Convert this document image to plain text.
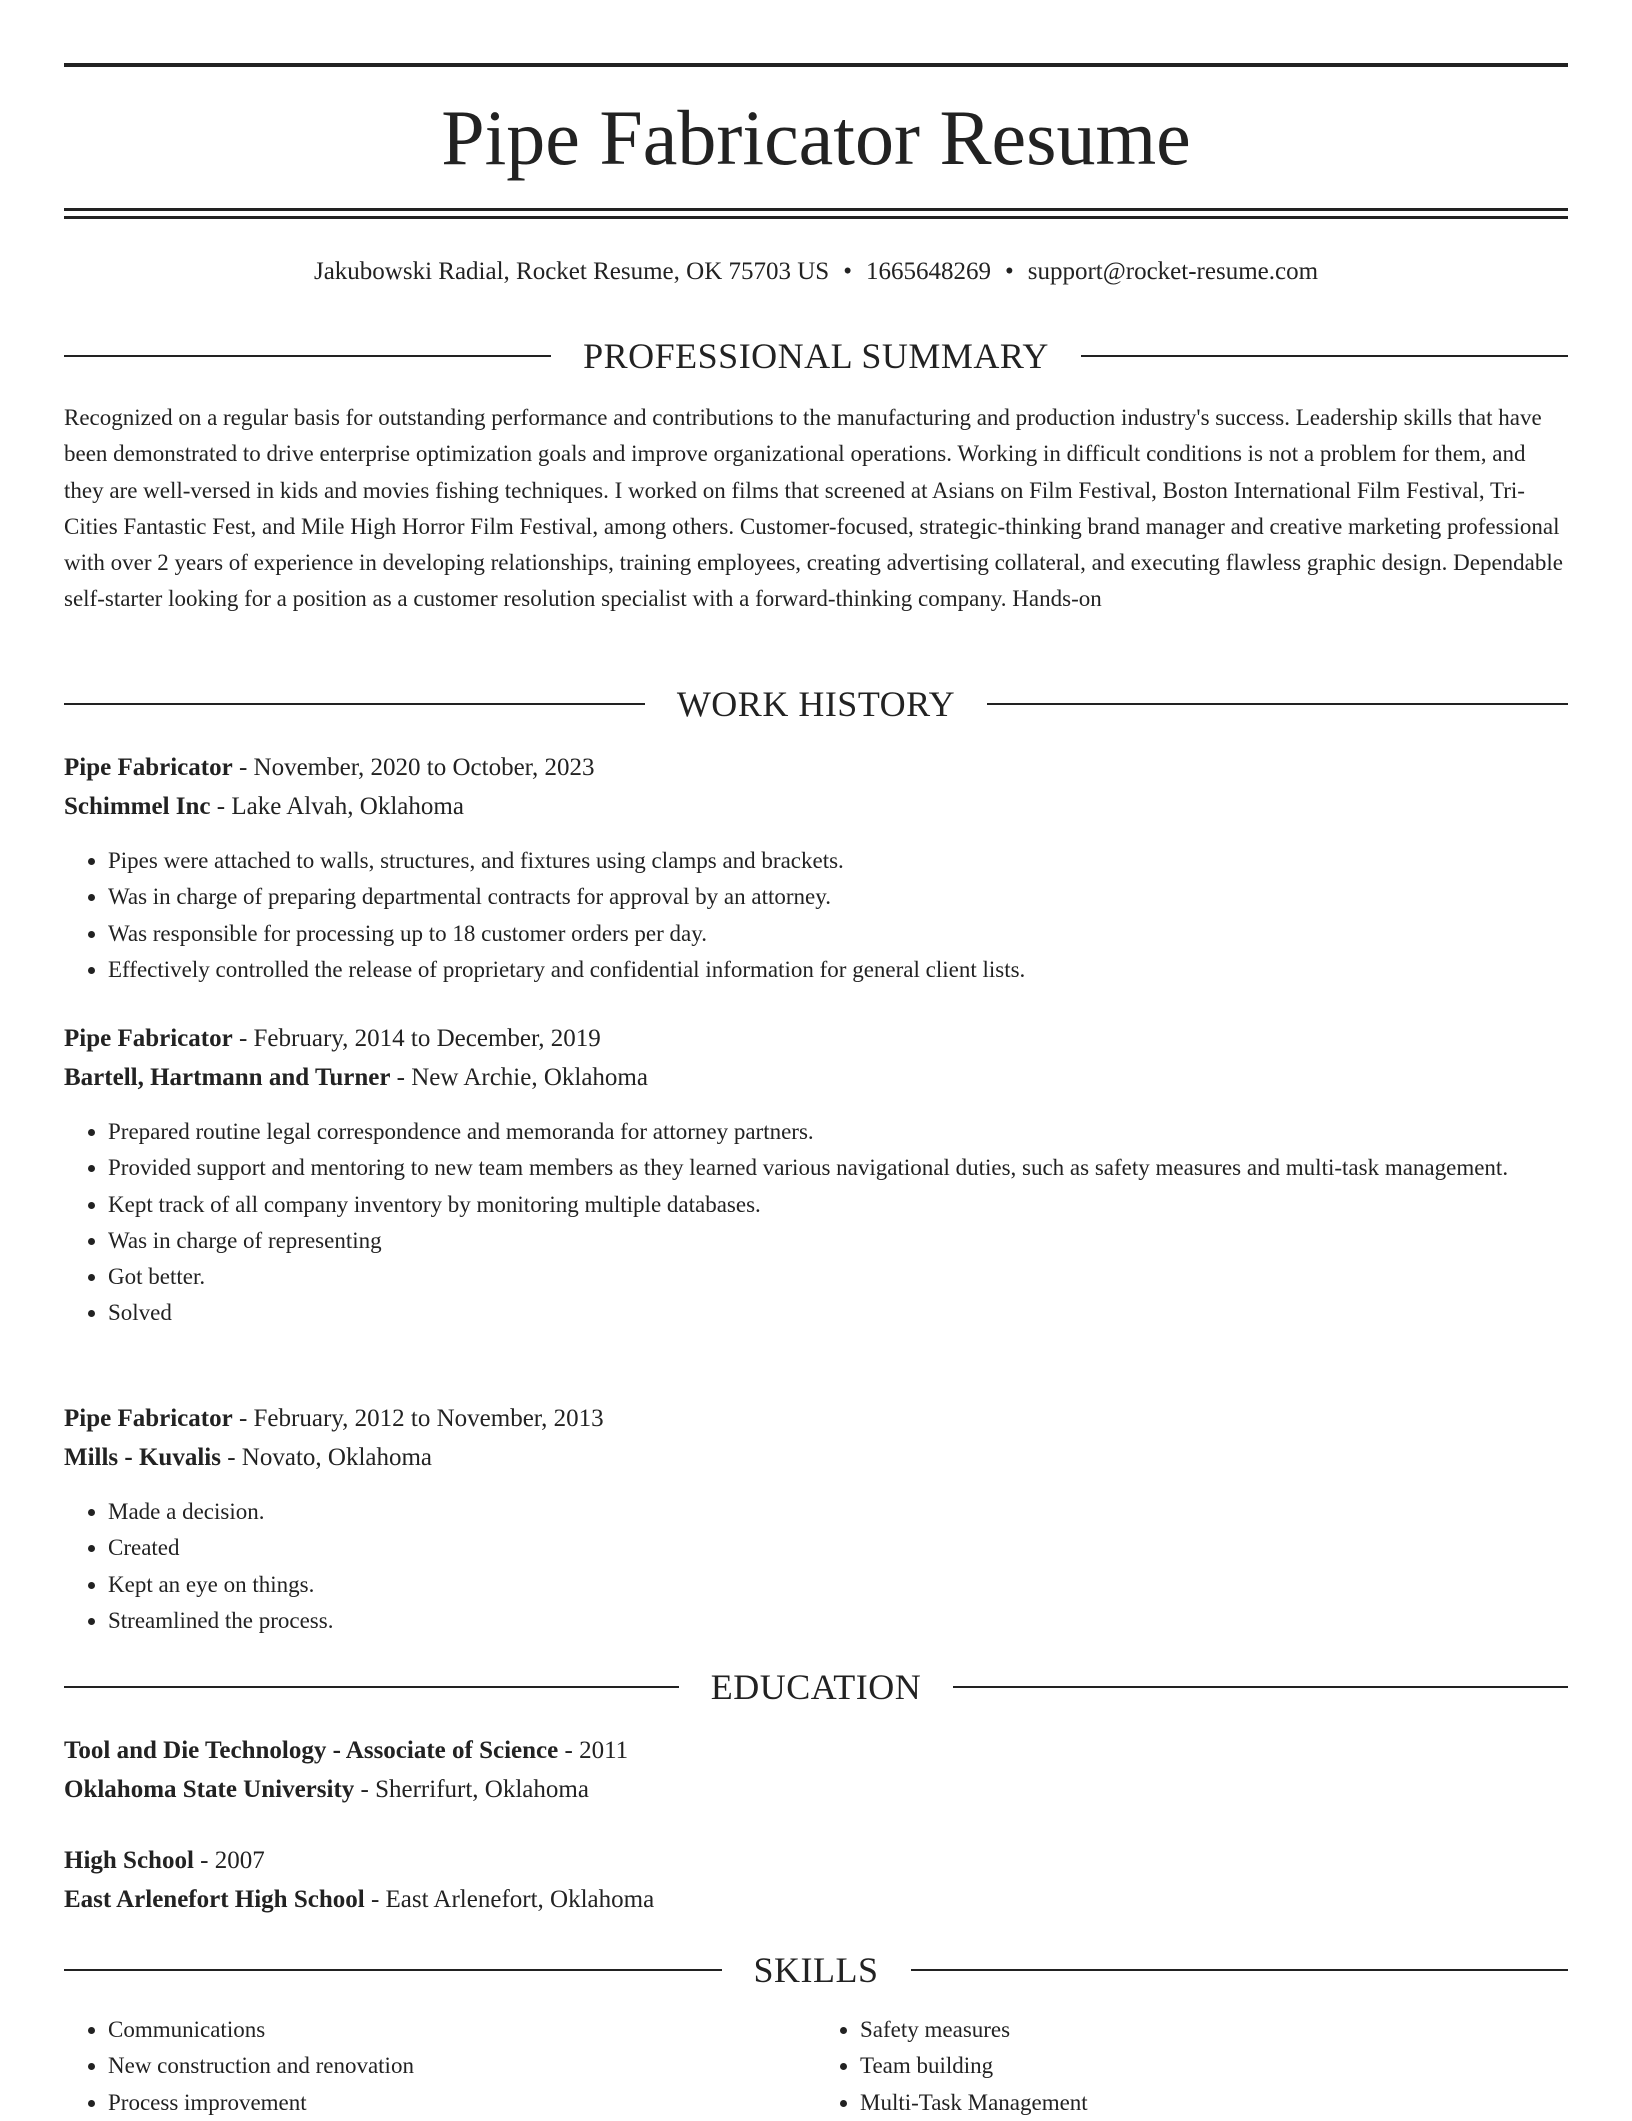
Pipe Fabricator Resume
Jakubowski Radial, Rocket Resume, OK 75703 US • 1665648269 • support@rocket-resume.com
PROFESSIONAL SUMMARY

Recognized on a regular basis for outstanding performance and contributions to the manufacturing and production industry's success. Leadership skills that have been demonstrated to drive enterprise optimization goals and improve organizational operations. Working in difficult conditions is not a problem for them, and they are well-versed in kids and movies fishing techniques. I worked on films that screened at Asians on Film Festival, Boston International Film Festival, Tri-Cities Fantastic Fest, and Mile High Horror Film Festival, among others. Customer-focused, strategic-thinking brand manager and creative marketing professional with over 2 years of experience in developing relationships, training employees, creating advertising collateral, and executing flawless graphic design. Dependable self-starter looking for a position as a customer resolution specialist with a forward-thinking company. Hands-on

WORK HISTORY
Pipe Fabricator - November, 2020 to October, 2023
Schimmel Inc - Lake Alvah, Oklahoma
• Pipes were attached to walls, structures, and fixtures using clamps and brackets.
• Was in charge of preparing departmental contracts for approval by an attorney.
• Was responsible for processing up to 18 customer orders per day.
• Effectively controlled the release of proprietary and confidential information for general client lists.
Pipe Fabricator - February, 2014 to December, 2019
Bartell, Hartmann and Turner - New Archie, Oklahoma
• Prepared routine legal correspondence and memoranda for attorney partners.
• Provided support and mentoring to new team members as they learned various navigational duties, such as safety measures and multi-task management.
• Kept track of all company inventory by monitoring multiple databases.
• Was in charge of representing
• Got better.
• Solved
Pipe Fabricator - February, 2012 to November, 2013
Mills - Kuvalis - Novato, Oklahoma
• Made a decision.
• Created
• Kept an eye on things.
• Streamlined the process.
EDUCATION
Tool and Die Technology - Associate of Science - 2011
Oklahoma State University - Sherrifurt, Oklahoma
High School - 2007
East Arlenefort High School - East Arlenefort, Oklahoma
SKILLS
• Communications
• New construction and renovation
• Process improvement
• Safety measures
• Team building
• Multi-Task Management
